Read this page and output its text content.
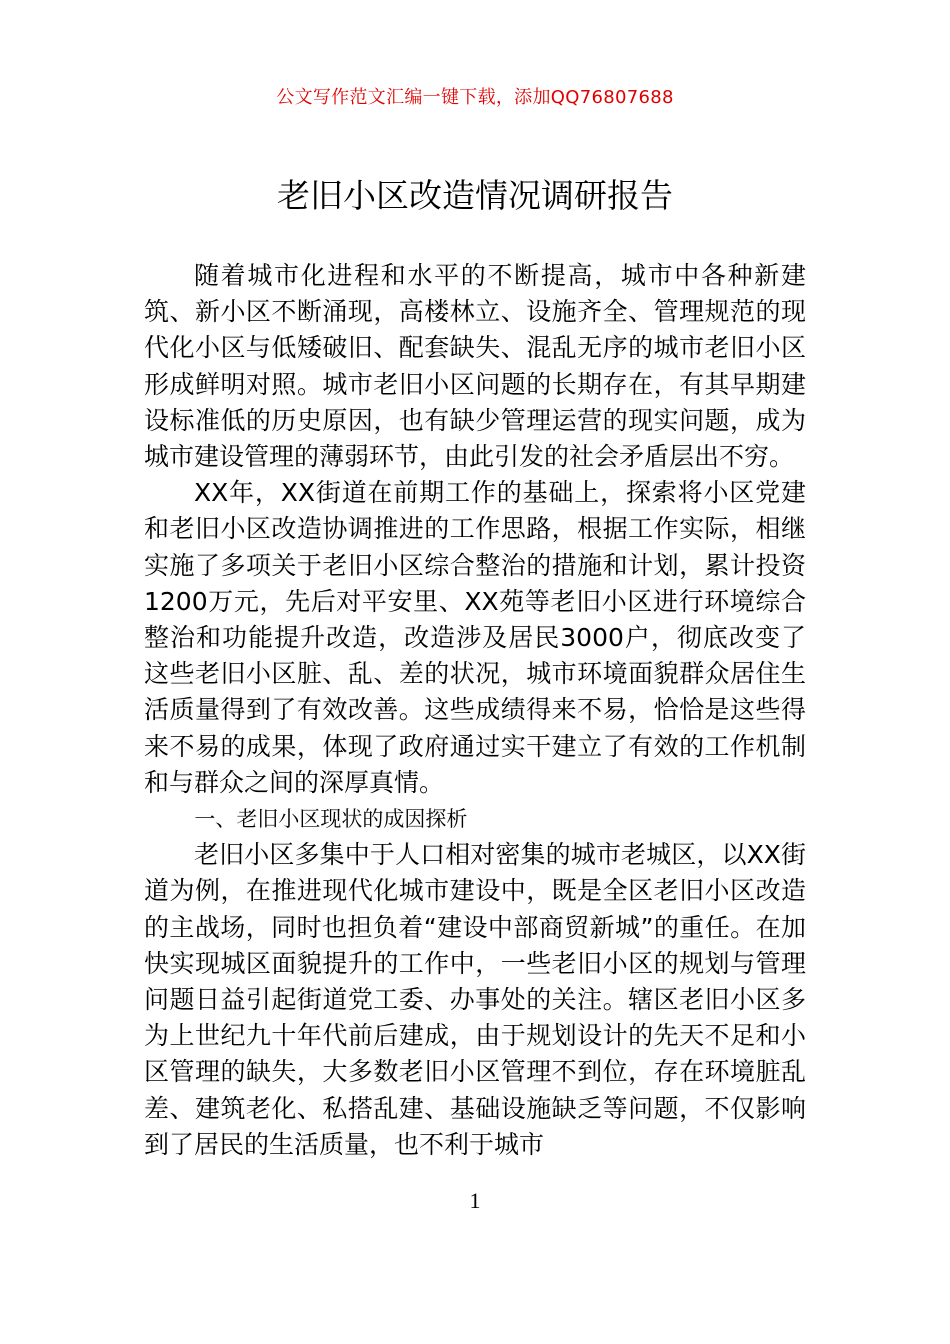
公文写作范文汇编一键下载，添加QQ76807688
老旧小区改造情况调研报告

随着城市化进程和水平的不断提高，城市中各种新建筑、新小区不断涌现，高楼林立、设施齐全、管理规范的现代化小区与低矮破旧、配套缺失、混乱无序的城市老旧小区形成鲜明对照。城市老旧小区问题的长期存在，有其早期建设标准低的历史原因，也有缺少管理运营的现实问题，成为城市建设管理的薄弱环节，由此引发的社会矛盾层出不穷。

XX年，XX街道在前期工作的基础上，探索将小区党建和老旧小区改造协调推进的工作思路，根据工作实际，相继实施了多项关于老旧小区综合整治的措施和计划，累计投资1200万元，先后对平安里、XX苑等老旧小区进行环境综合整治和功能提升改造，改造涉及居民3000户，彻底改变了这些老旧小区脏、乱、差的状况，城市环境面貌群众居住生活质量得到了有效改善。这些成绩得来不易，恰恰是这些得来不易的成果，体现了政府通过实干建立了有效的工作机制和与群众之间的深厚真情。

一、老旧小区现状的成因探析

老旧小区多集中于人口相对密集的城市老城区，以XX街道为例，在推进现代化城市建设中，既是全区老旧小区改造的主战场，同时也担负着“建设中部商贸新城”的重任。在加快实现城区面貌提升的工作中，一些老旧小区的规划与管理问题日益引起街道党工委、办事处的关注。辖区老旧小区多为上世纪九十年代前后建成，由于规划设计的先天不足和小区管理的缺失，大多数老旧小区管理不到位，存在环境脏乱差、建筑老化、私搭乱建、基础设施缺乏等问题，不仅影响到了居民的生活质量，也不利于城市

1
